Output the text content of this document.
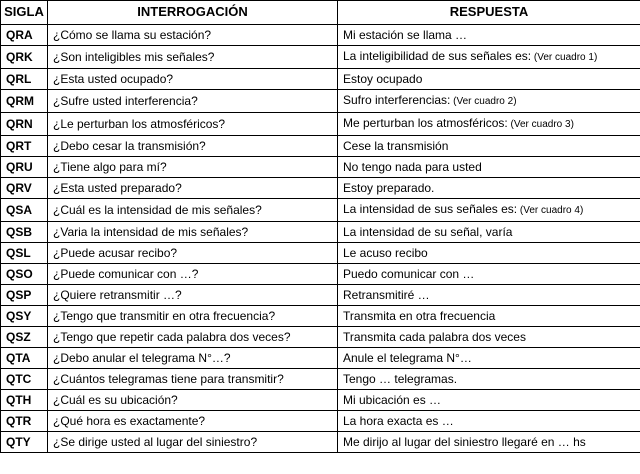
SIGLA	INTERROGACIÓN	RESPUESTA
QRA	¿Cómo se llama su estación?	Mi estación se llama …
QRK	¿Son inteligibles mis señales?	La inteligibilidad de sus señales es: (Ver cuadro 1)
QRL	¿Esta usted ocupado?	Estoy ocupado
QRM	¿Sufre usted interferencia?	Sufro interferencias: (Ver cuadro 2)
QRN	¿Le perturban los atmosféricos?	Me perturban los atmosféricos: (Ver cuadro 3)
QRT	¿Debo cesar la transmisión?	Cese la transmisión
QRU	¿Tiene algo para mí?	No tengo nada para usted
QRV	¿Esta usted preparado?	Estoy preparado.
QSA	¿Cuál es la intensidad de mis señales?	La intensidad de sus señales es: (Ver cuadro 4)
QSB	¿Varia la intensidad de mis señales?	La intensidad de su señal, varía
QSL	¿Puede acusar recibo?	Le acuso recibo
QSO	¿Puede comunicar con …?	Puedo comunicar con …
QSP	¿Quiere retransmitir …?	Retransmitiré …
QSY	¿Tengo que transmitir en otra frecuencia?	Transmita en otra frecuencia
QSZ	¿Tengo que repetir cada palabra dos veces?	Transmita cada palabra dos veces
QTA	¿Debo anular el telegrama N°…?	Anule el telegrama N°…
QTC	¿Cuántos telegramas tiene para transmitir?	Tengo … telegramas.
QTH	¿Cuál es su ubicación?	Mi ubicación es …
QTR	¿Qué hora es exactamente?	La hora exacta es …
QTY	¿Se dirige usted al lugar del siniestro?	Me dirijo al lugar del siniestro llegaré en … hs
